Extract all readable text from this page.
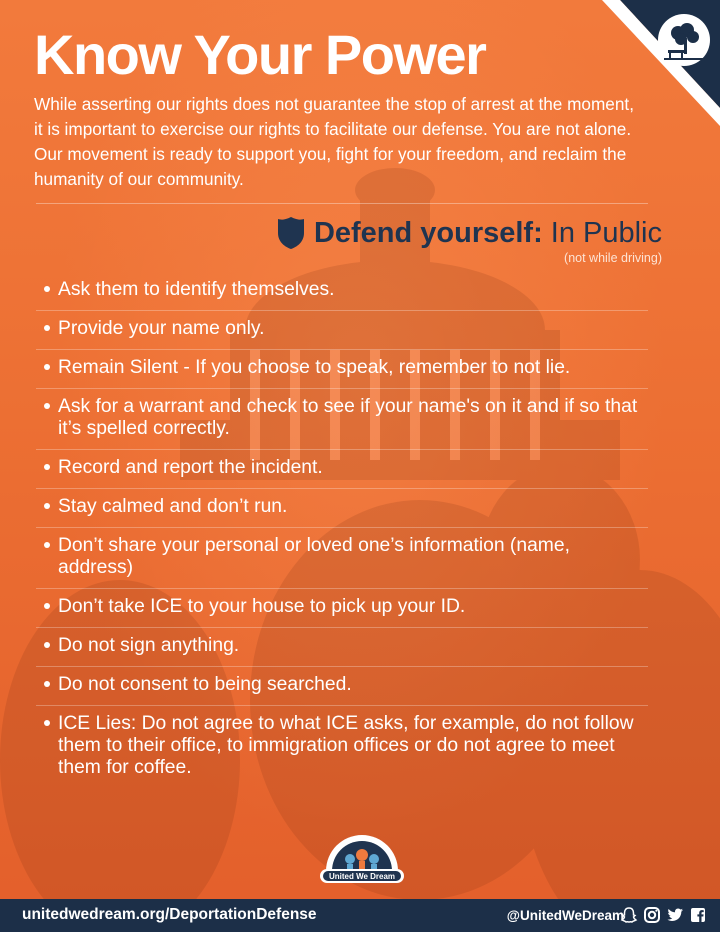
Know Your Power

While asserting our rights does not guarantee the stop of arrest at the moment, it is important to exercise our rights to facilitate our defense. You are not alone. Our movement is ready to support you, fight for your freedom, and reclaim the humanity of our community.

Defend yourself: In Public
(not while driving)
Ask them to identify themselves.
Provide your name only.
Remain Silent - If you choose to speak, remember to not lie.
Ask for a warrant and check to see if your name's on it and if so that it’s spelled correctly.
Record and report the incident.
Stay calmed and don’t run.
Don’t share your personal or loved one’s information (name, address)
Don’t take ICE to your house to pick up your ID.
Do not sign anything.
Do not consent to being searched.
ICE Lies: Do not agree to what ICE asks, for example, do not follow them to their office, to immigration offices or do not agree to meet them for coffee.
United We Dream
unitedwedream.org/DeportationDefense	@UnitedWeDream
